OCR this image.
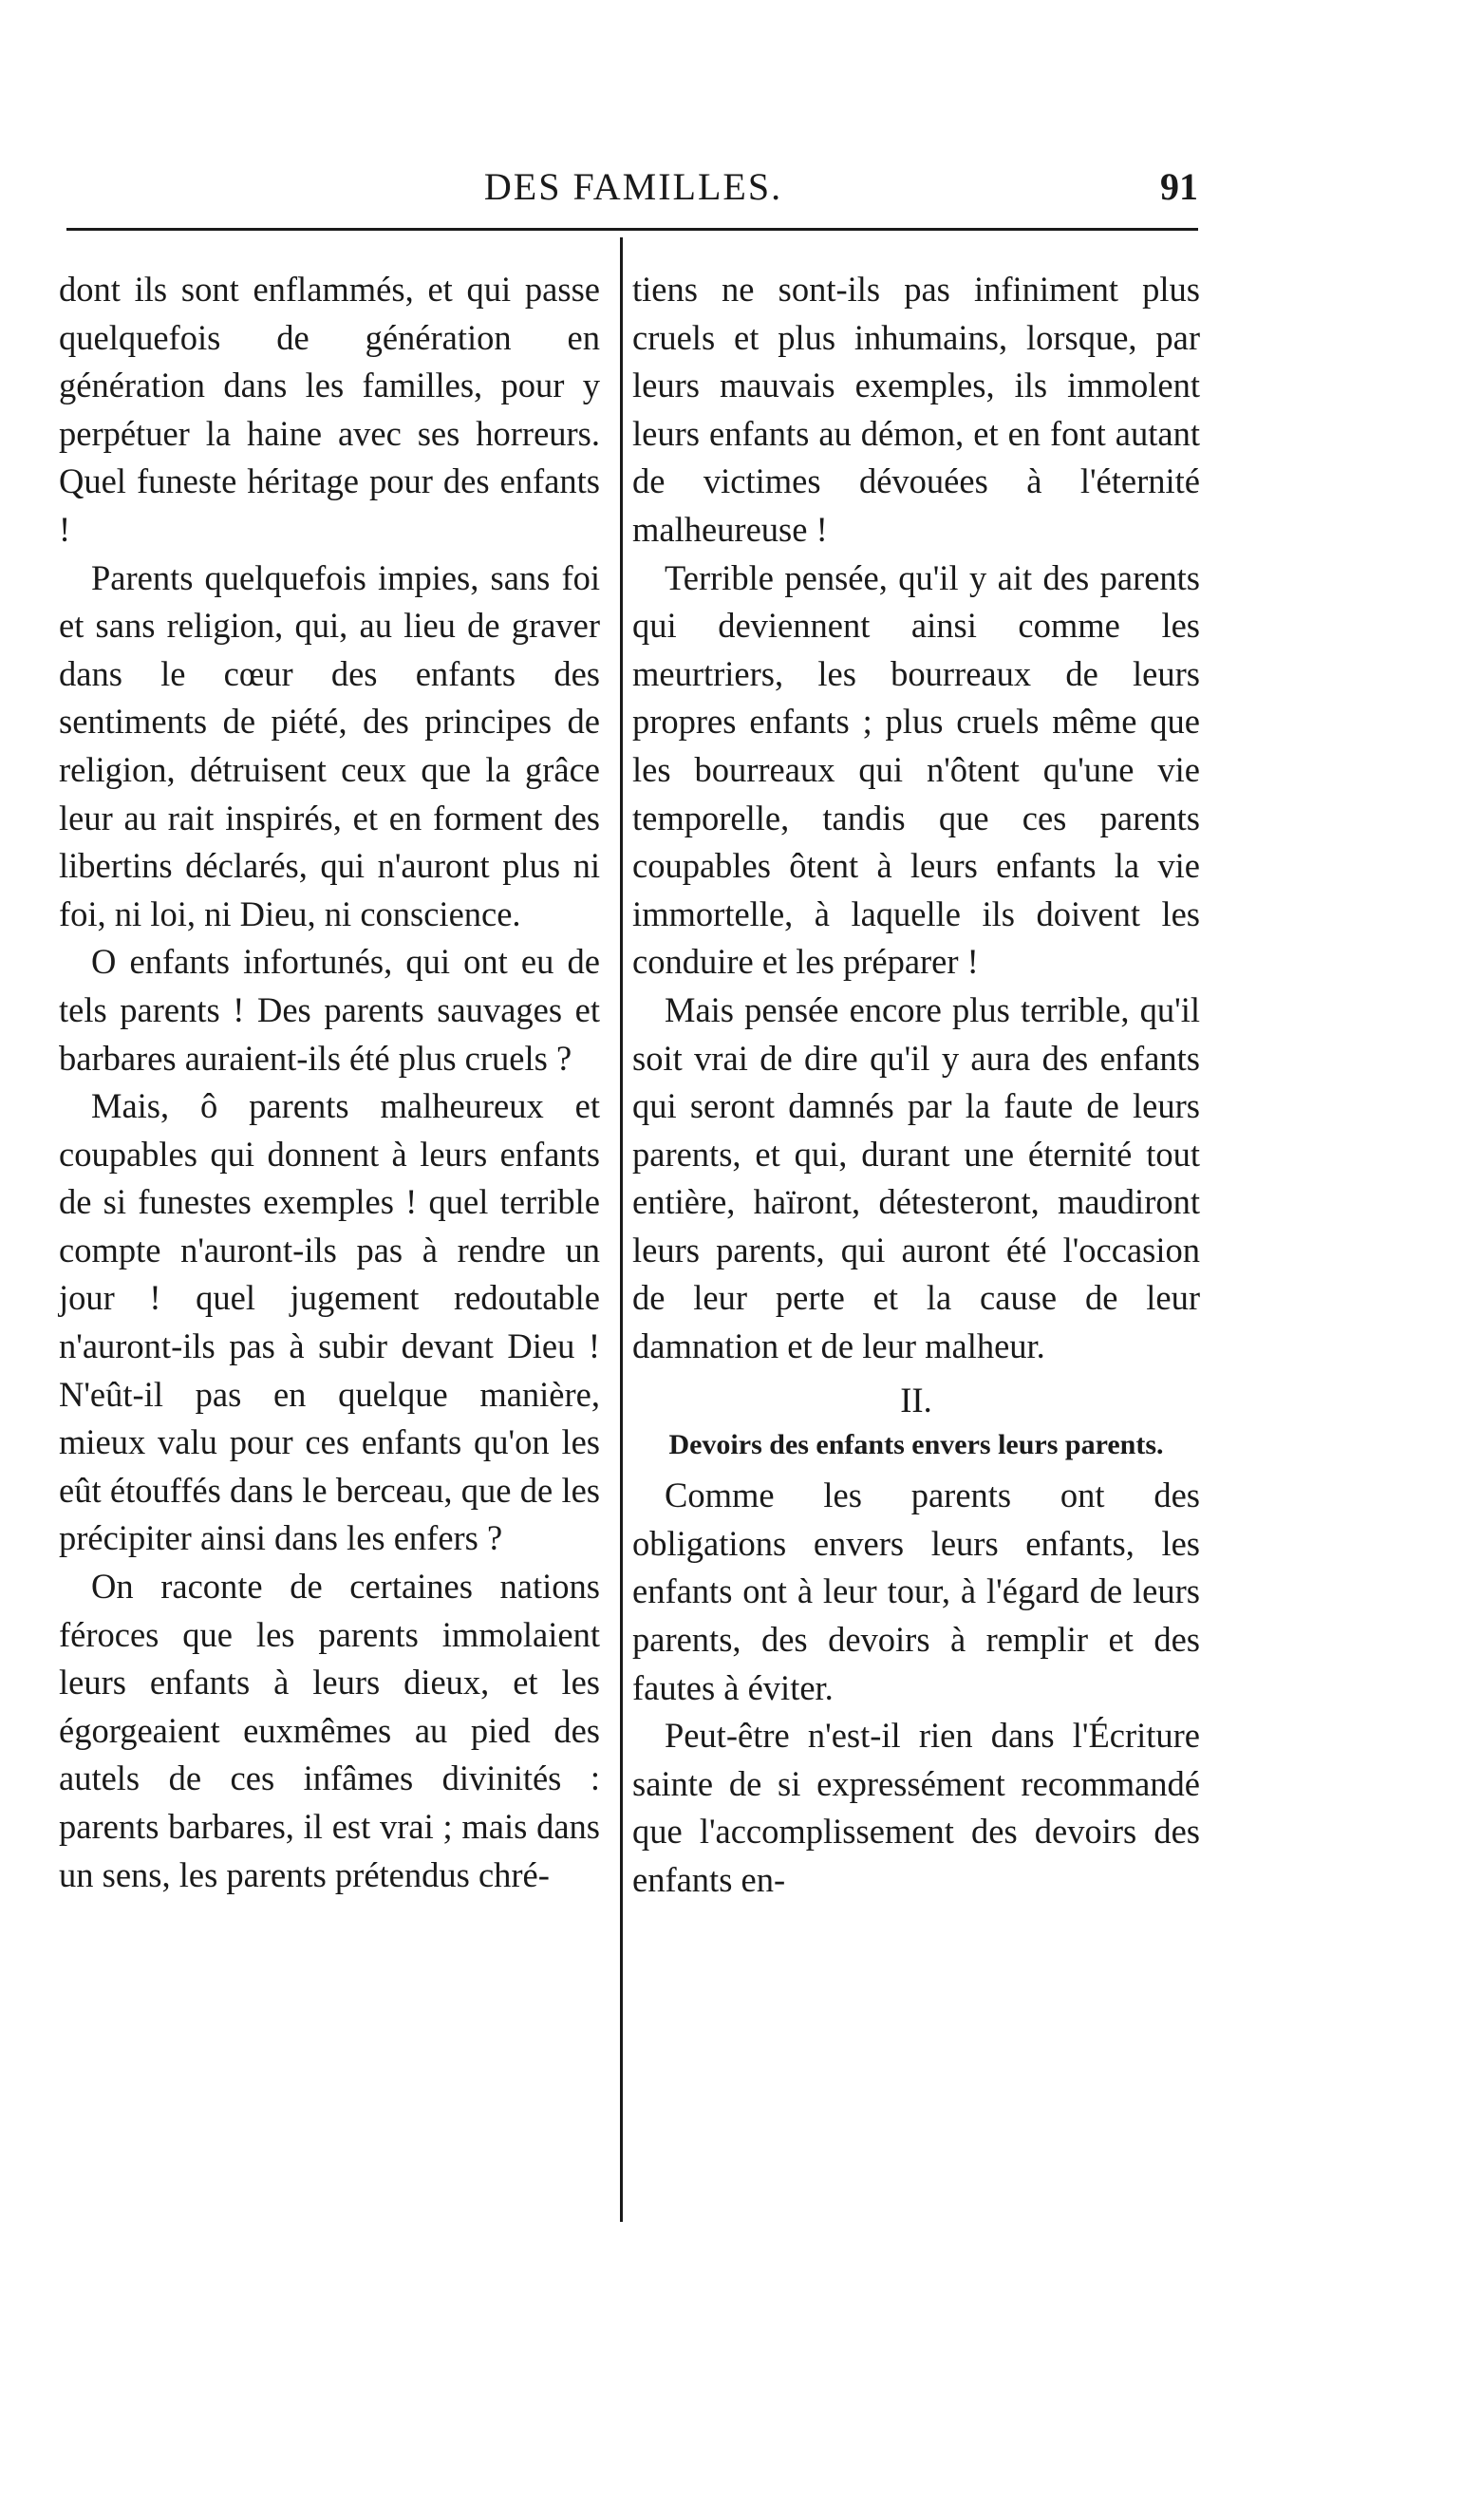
DES FAMILLES.	91

dont ils sont enflammés, et qui passe quelquefois de génération en génération dans les familles, pour y perpétuer la haine avec ses horreurs. Quel funeste héritage pour des enfants !

Parents quelquefois impies, sans foi et sans religion, qui, au lieu de graver dans le cœur des enfants des sentiments de piété, des principes de religion, détruisent ceux que la grâce leur au rait inspirés, et en forment des libertins déclarés, qui n'auront plus ni foi, ni loi, ni Dieu, ni conscience.

O enfants infortunés, qui ont eu de tels parents ! Des parents sauvages et barbares auraient-ils été plus cruels ?

Mais, ô parents malheureux et coupables qui donnent à leurs enfants de si funestes exemples ! quel terrible compte n'auront-ils pas à rendre un jour ! quel jugement redoutable n'auront-ils pas à subir devant Dieu ! N'eût-il pas en quelque manière, mieux valu pour ces enfants qu'on les eût étouffés dans le berceau, que de les précipiter ainsi dans les enfers ?

On raconte de certaines nations féroces que les parents immolaient leurs enfants à leurs dieux, et les égorgeaient euxmêmes au pied des autels de ces infâmes divinités : parents barbares, il est vrai ; mais dans un sens, les parents prétendus chré-

tiens ne sont-ils pas infiniment plus cruels et plus inhumains, lorsque, par leurs mauvais exemples, ils immolent leurs enfants au démon, et en font autant de victimes dévouées à l'éternité malheureuse !

Terrible pensée, qu'il y ait des parents qui deviennent ainsi comme les meurtriers, les bourreaux de leurs propres enfants ; plus cruels même que les bourreaux qui n'ôtent qu'une vie temporelle, tandis que ces parents coupables ôtent à leurs enfants la vie immortelle, à laquelle ils doivent les conduire et les préparer !

Mais pensée encore plus terrible, qu'il soit vrai de dire qu'il y aura des enfants qui seront damnés par la faute de leurs parents, et qui, durant une éternité tout entière, haïront, détesteront, maudiront leurs parents, qui auront été l'occasion de leur perte et la cause de leur damnation et de leur malheur.

II.

Devoirs des enfants envers leurs parents.

Comme les parents ont des obligations envers leurs enfants, les enfants ont à leur tour, à l'égard de leurs parents, des devoirs à remplir et des fautes à éviter.

Peut-être n'est-il rien dans l'Écriture sainte de si expressément recommandé que l'accomplissement des devoirs des enfants en-
